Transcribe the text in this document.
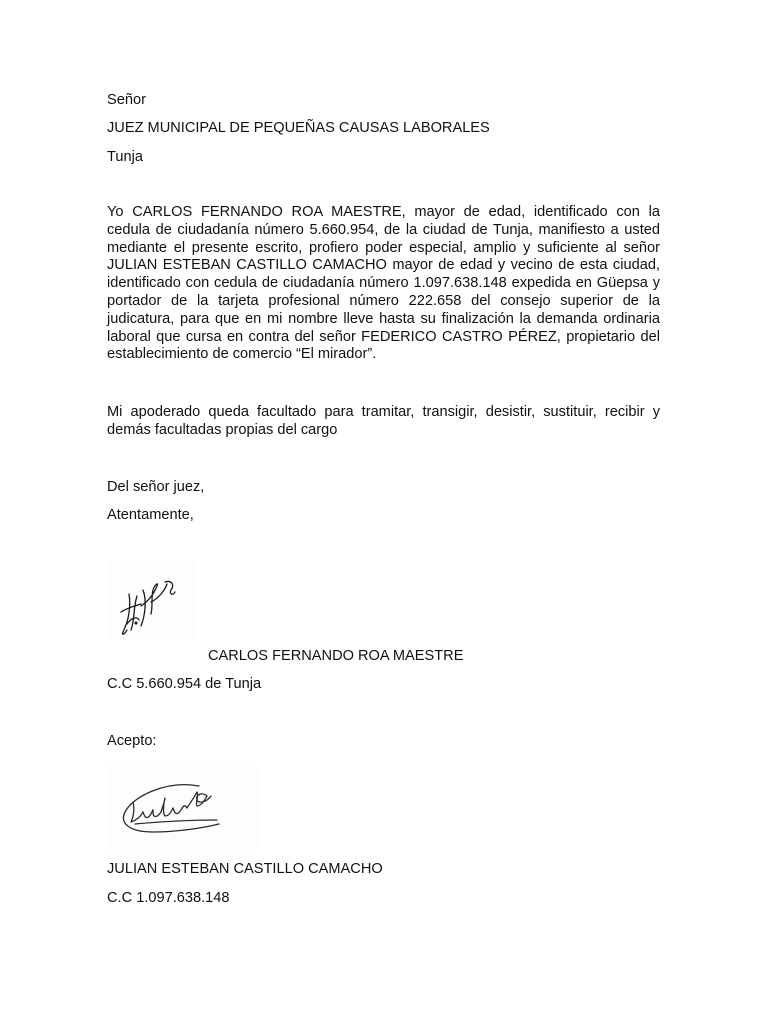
Señor
JUEZ MUNICIPAL DE PEQUEÑAS CAUSAS LABORALES
Tunja
Yo CARLOS FERNANDO ROA MAESTRE, mayor de edad, identificado con la cedula de ciudadanía número 5.660.954, de la ciudad de Tunja, manifiesto a usted mediante el presente escrito, profiero poder especial, amplio y suficiente al señor JULIAN ESTEBAN CASTILLO CAMACHO mayor de edad y vecino de esta ciudad, identificado con cedula de ciudadanía número 1.097.638.148 expedida en Güepsa y portador de la tarjeta profesional número 222.658 del consejo superior de la judicatura, para que en mi nombre lleve hasta su finalización la demanda ordinaria laboral que cursa en contra del señor FEDERICO CASTRO PÉREZ, propietario del establecimiento de comercio “El mirador”.
Mi apoderado queda facultado para tramitar, transigir, desistir, sustituir, recibir y demás facultadas propias del cargo
Del señor juez,
Atentamente,
CARLOS FERNANDO ROA MAESTRE
C.C 5.660.954 de Tunja
Acepto:
JULIAN ESTEBAN CASTILLO CAMACHO
C.C 1.097.638.148
